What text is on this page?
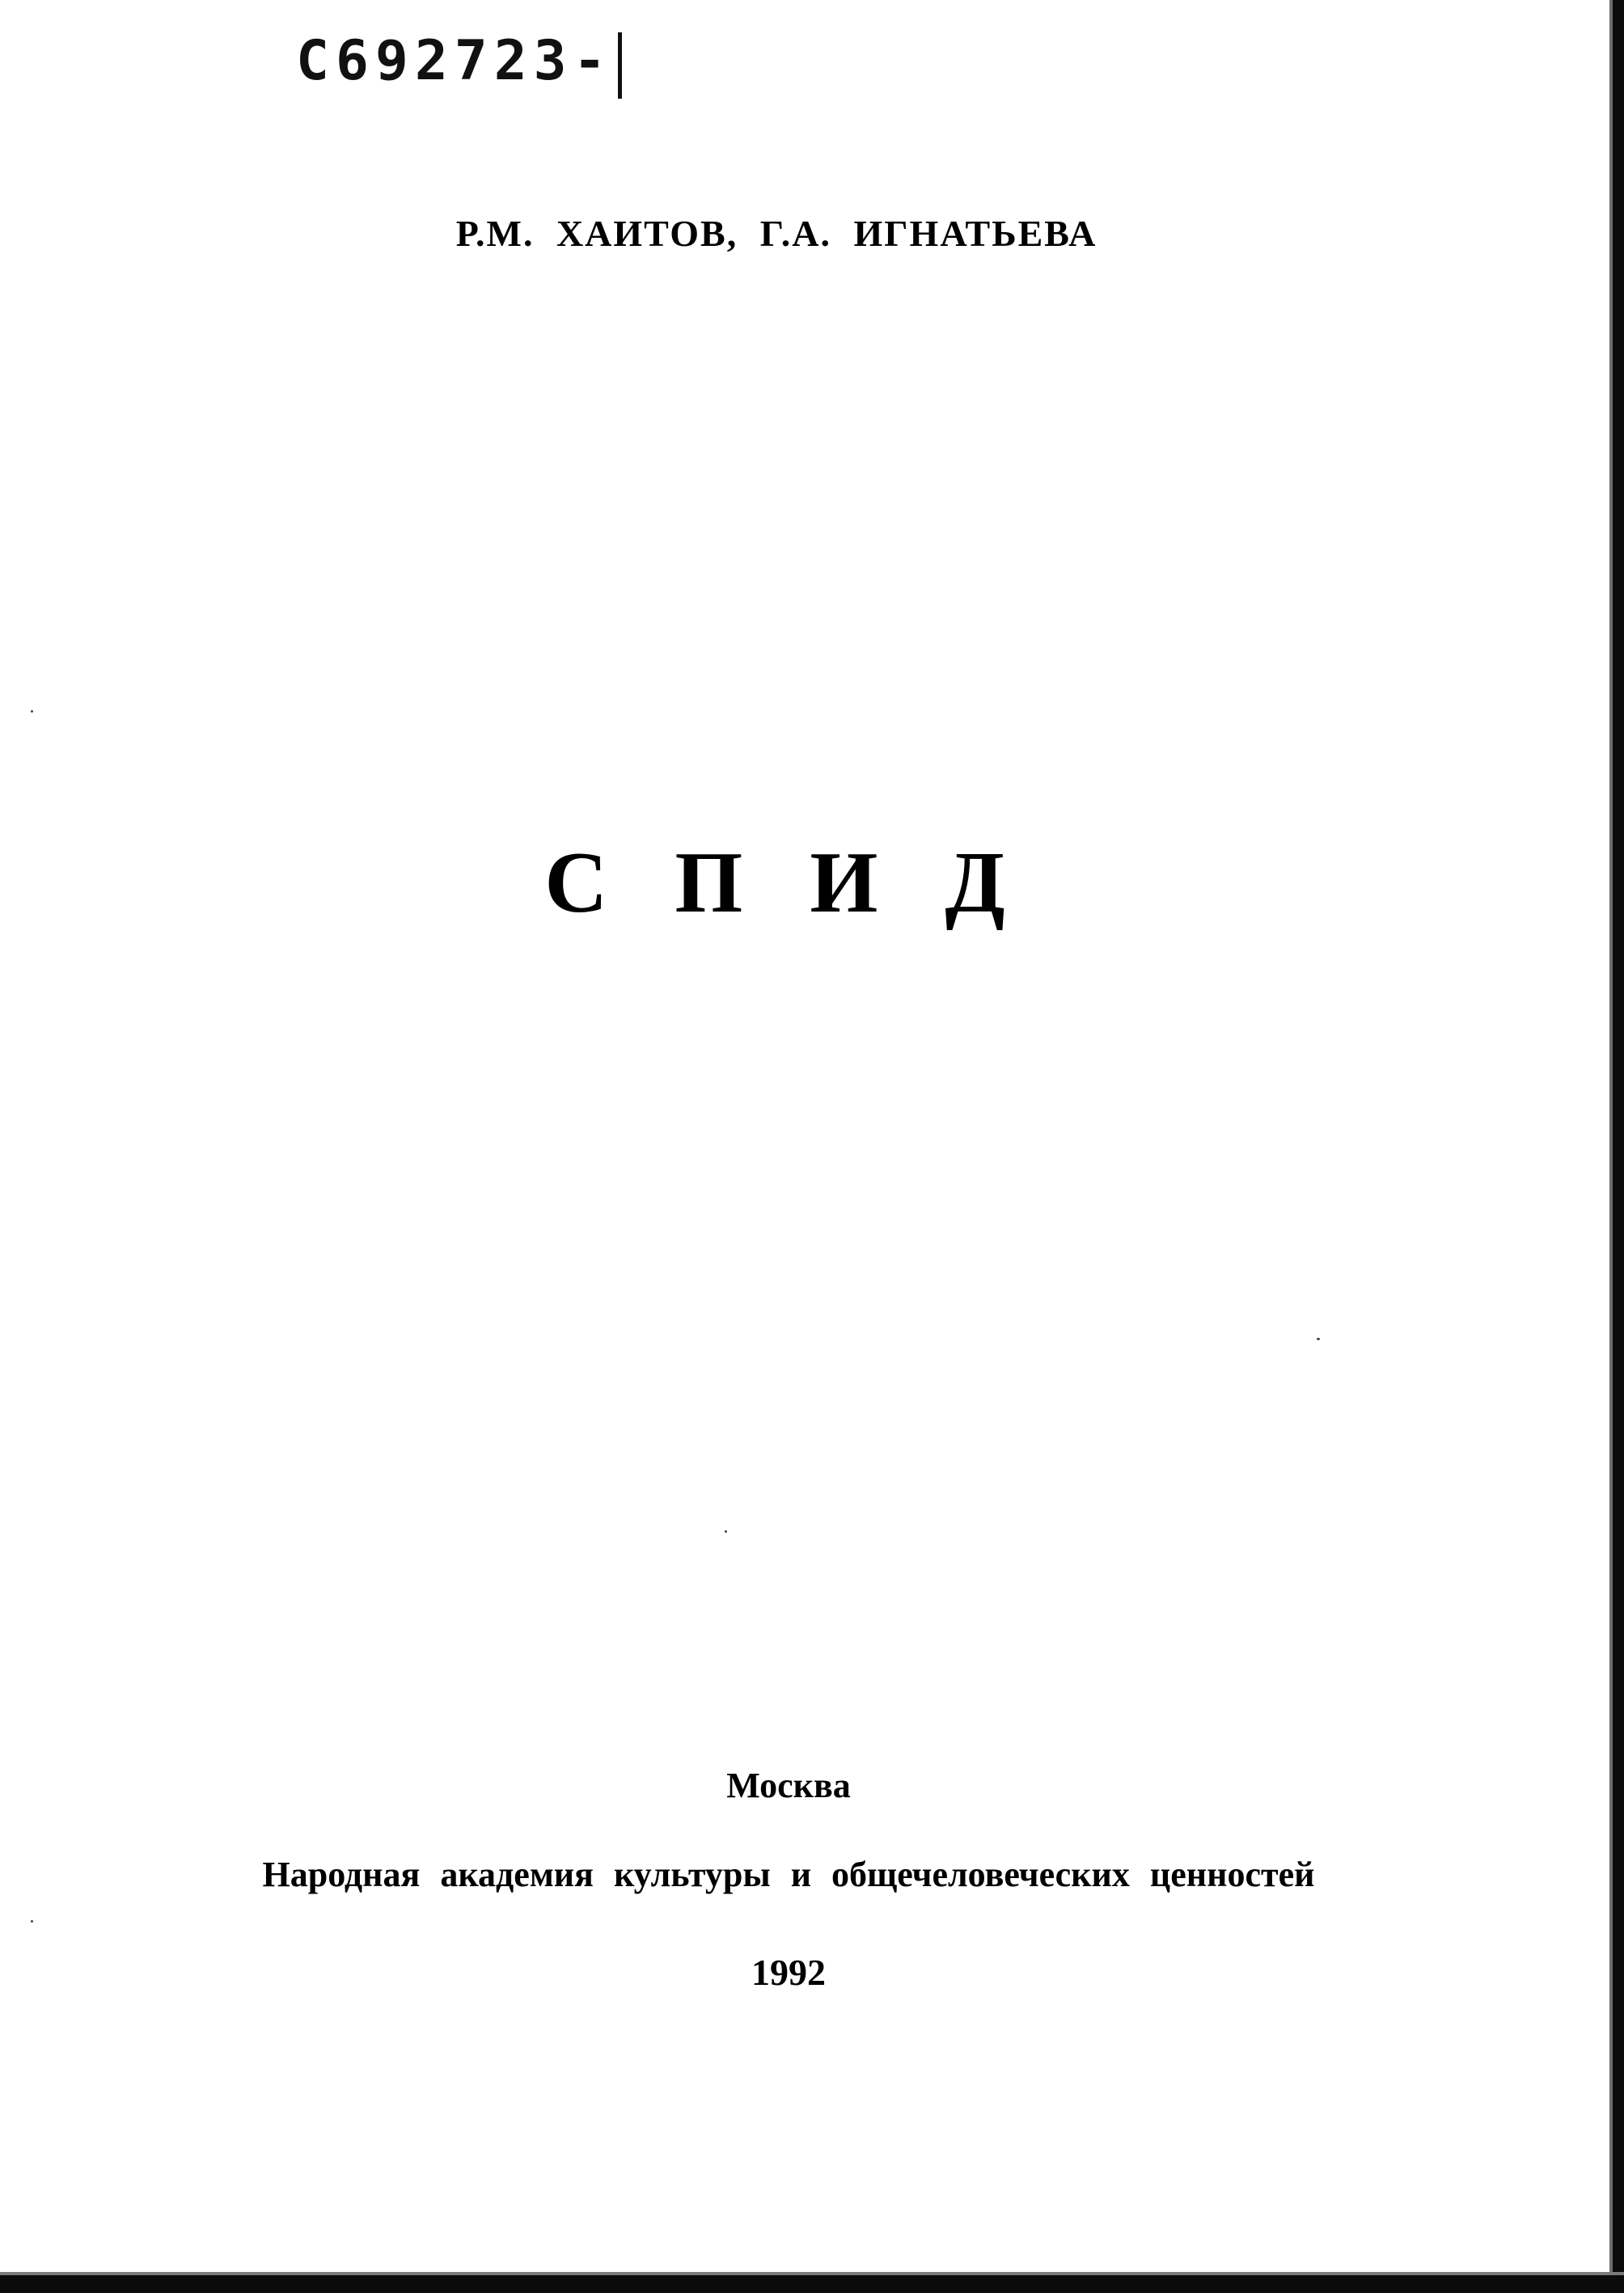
C692723-
Р.М. ХАИТОВ, Г.А. ИГНАТЬЕВА
С П И Д
Москва
Народная академия культуры и общечеловеческих ценностей
1992
